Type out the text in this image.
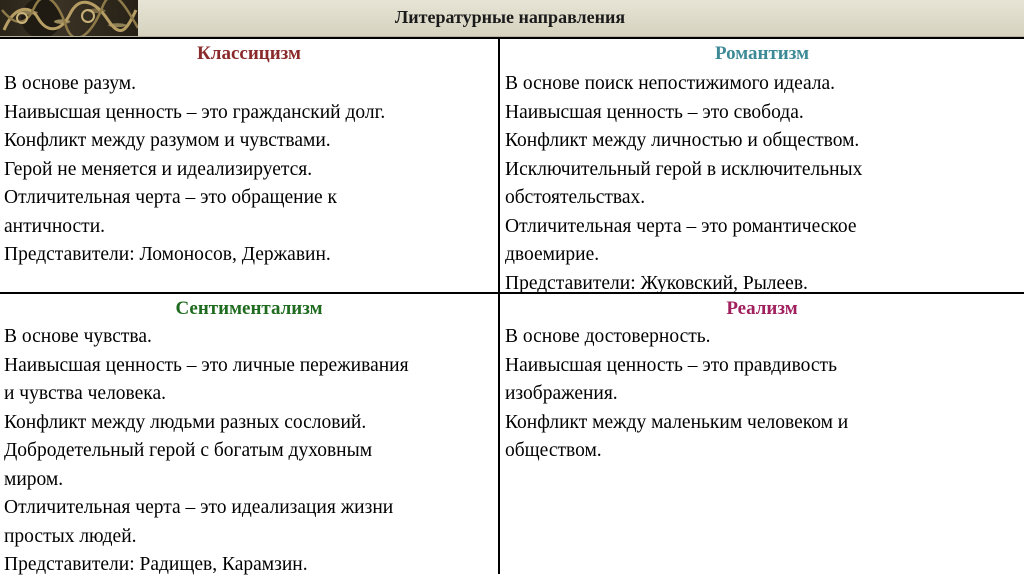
Литературные направления
Классицизм
В основе разум.
Наивысшая ценность – это гражданский долг.
Конфликт между разумом и чувствами.
Герой не меняется и идеализируется.
Отличительная черта – это обращение к
античности.
Представители: Ломоносов, Державин.
Романтизм
В основе поиск непостижимого идеала.
Наивысшая ценность – это свобода.
Конфликт между личностью и обществом.
Исключительный герой в исключительных
обстоятельствах.
Отличительная черта – это романтическое
двоемирие.
Представители: Жуковский, Рылеев.
Сентиментализм
В основе чувства.
Наивысшая ценность – это личные переживания
и чувства человека.
Конфликт между людьми разных сословий.
Добродетельный герой с богатым духовным
миром.
Отличительная черта – это идеализация жизни
простых людей.
Представители: Радищев, Карамзин.
Реализм
В основе достоверность.
Наивысшая ценность – это правдивость
изображения.
Конфликт между маленьким человеком и
обществом.
